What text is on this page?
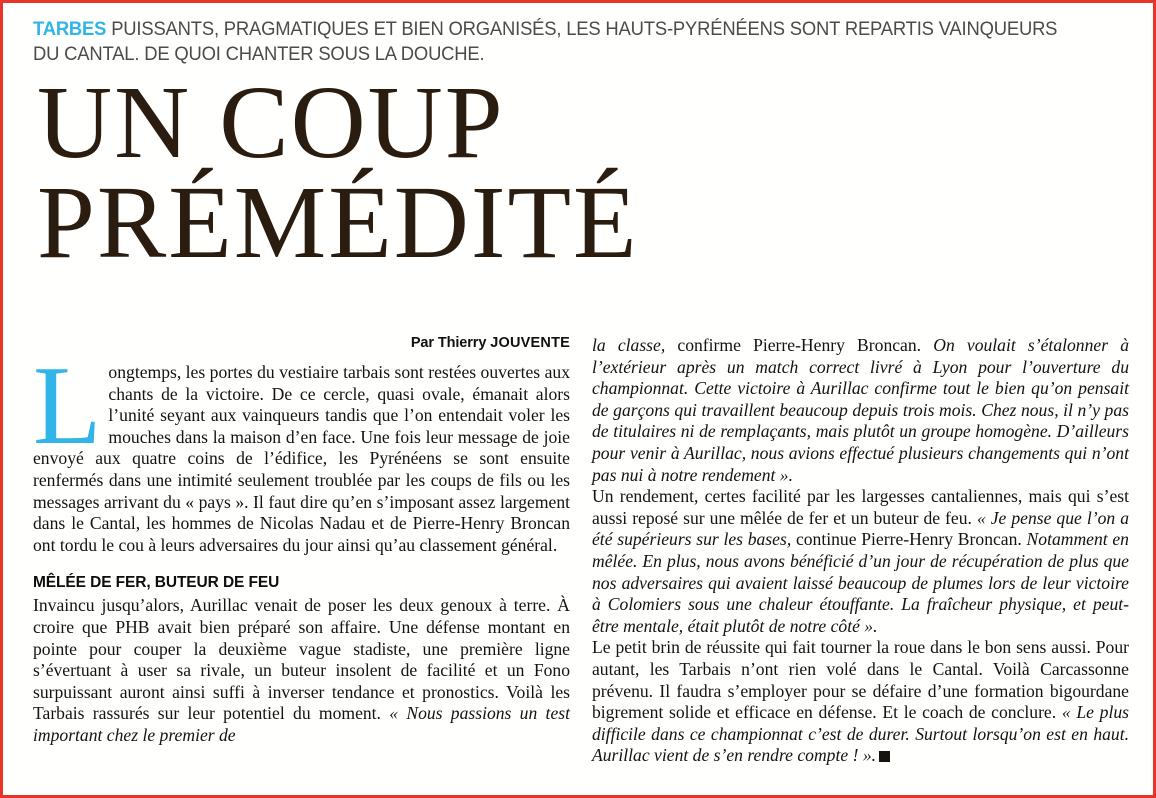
TARBES PUISSANTS, PRAGMATIQUES ET BIEN ORGANISÉS, LES HAUTS-PYRÉNÉENS SONT REPARTIS VAINQUEURS DU CANTAL. DE QUOI CHANTER SOUS LA DOUCHE.
UN COUP
PRÉMÉDITÉ
Par Thierry JOUVENTE

Longtemps, les portes du vestiaire tarbais sont restées ouvertes aux chants de la victoire. De ce cercle, quasi ovale, émanait alors l’unité seyant aux vainqueurs tandis que l’on entendait voler les mouches dans la maison d’en face. Une fois leur message de joie envoyé aux quatre coins de l’édifice, les Pyrénéens se sont ensuite renfermés dans une intimité seulement troublée par les coups de fils ou les messages arrivant du « pays ». Il faut dire qu’en s’imposant assez largement dans le Cantal, les hommes de Nicolas Nadau et de Pierre-Henry Broncan ont tordu le cou à leurs adversaires du jour ainsi qu’au classement général.

MÊLÉE DE FER, BUTEUR DE FEU

Invaincu jusqu’alors, Aurillac venait de poser les deux genoux à terre. À croire que PHB avait bien préparé son affaire. Une défense montant en pointe pour couper la deuxième vague stadiste, une première ligne s’évertuant à user sa rivale, un buteur insolent de facilité et un Fono surpuissant auront ainsi suffi à inverser tendance et pronostics. Voilà les Tarbais rassurés sur leur potentiel du moment. « Nous passions un test important chez le premier de

la classe, confirme Pierre-Henry Broncan. On voulait s’étalonner à l’extérieur après un match correct livré à Lyon pour l’ouverture du championnat. Cette victoire à Aurillac confirme tout le bien qu’on pensait de garçons qui travaillent beaucoup depuis trois mois. Chez nous, il n’y pas de titulaires ni de remplaçants, mais plutôt un groupe homogène. D’ailleurs pour venir à Aurillac, nous avions effectué plusieurs changements qui n’ont pas nui à notre rendement ».

Un rendement, certes facilité par les largesses cantaliennes, mais qui s’est aussi reposé sur une mêlée de fer et un buteur de feu. « Je pense que l’on a été supérieurs sur les bases, continue Pierre-Henry Broncan. Notamment en mêlée. En plus, nous avons bénéficié d’un jour de récupération de plus que nos adversaires qui avaient laissé beaucoup de plumes lors de leur victoire à Colomiers sous une chaleur étouffante. La fraîcheur physique, et peut-être mentale, était plutôt de notre côté ».

Le petit brin de réussite qui fait tourner la roue dans le bon sens aussi. Pour autant, les Tarbais n’ont rien volé dans le Cantal. Voilà Carcassonne prévenu. Il faudra s’employer pour se défaire d’une formation bigourdane bigrement solide et efficace en défense. Et le coach de conclure. « Le plus difficile dans ce championnat c’est de durer. Surtout lorsqu’on est en haut. Aurillac vient de s’en rendre compte ! ».
